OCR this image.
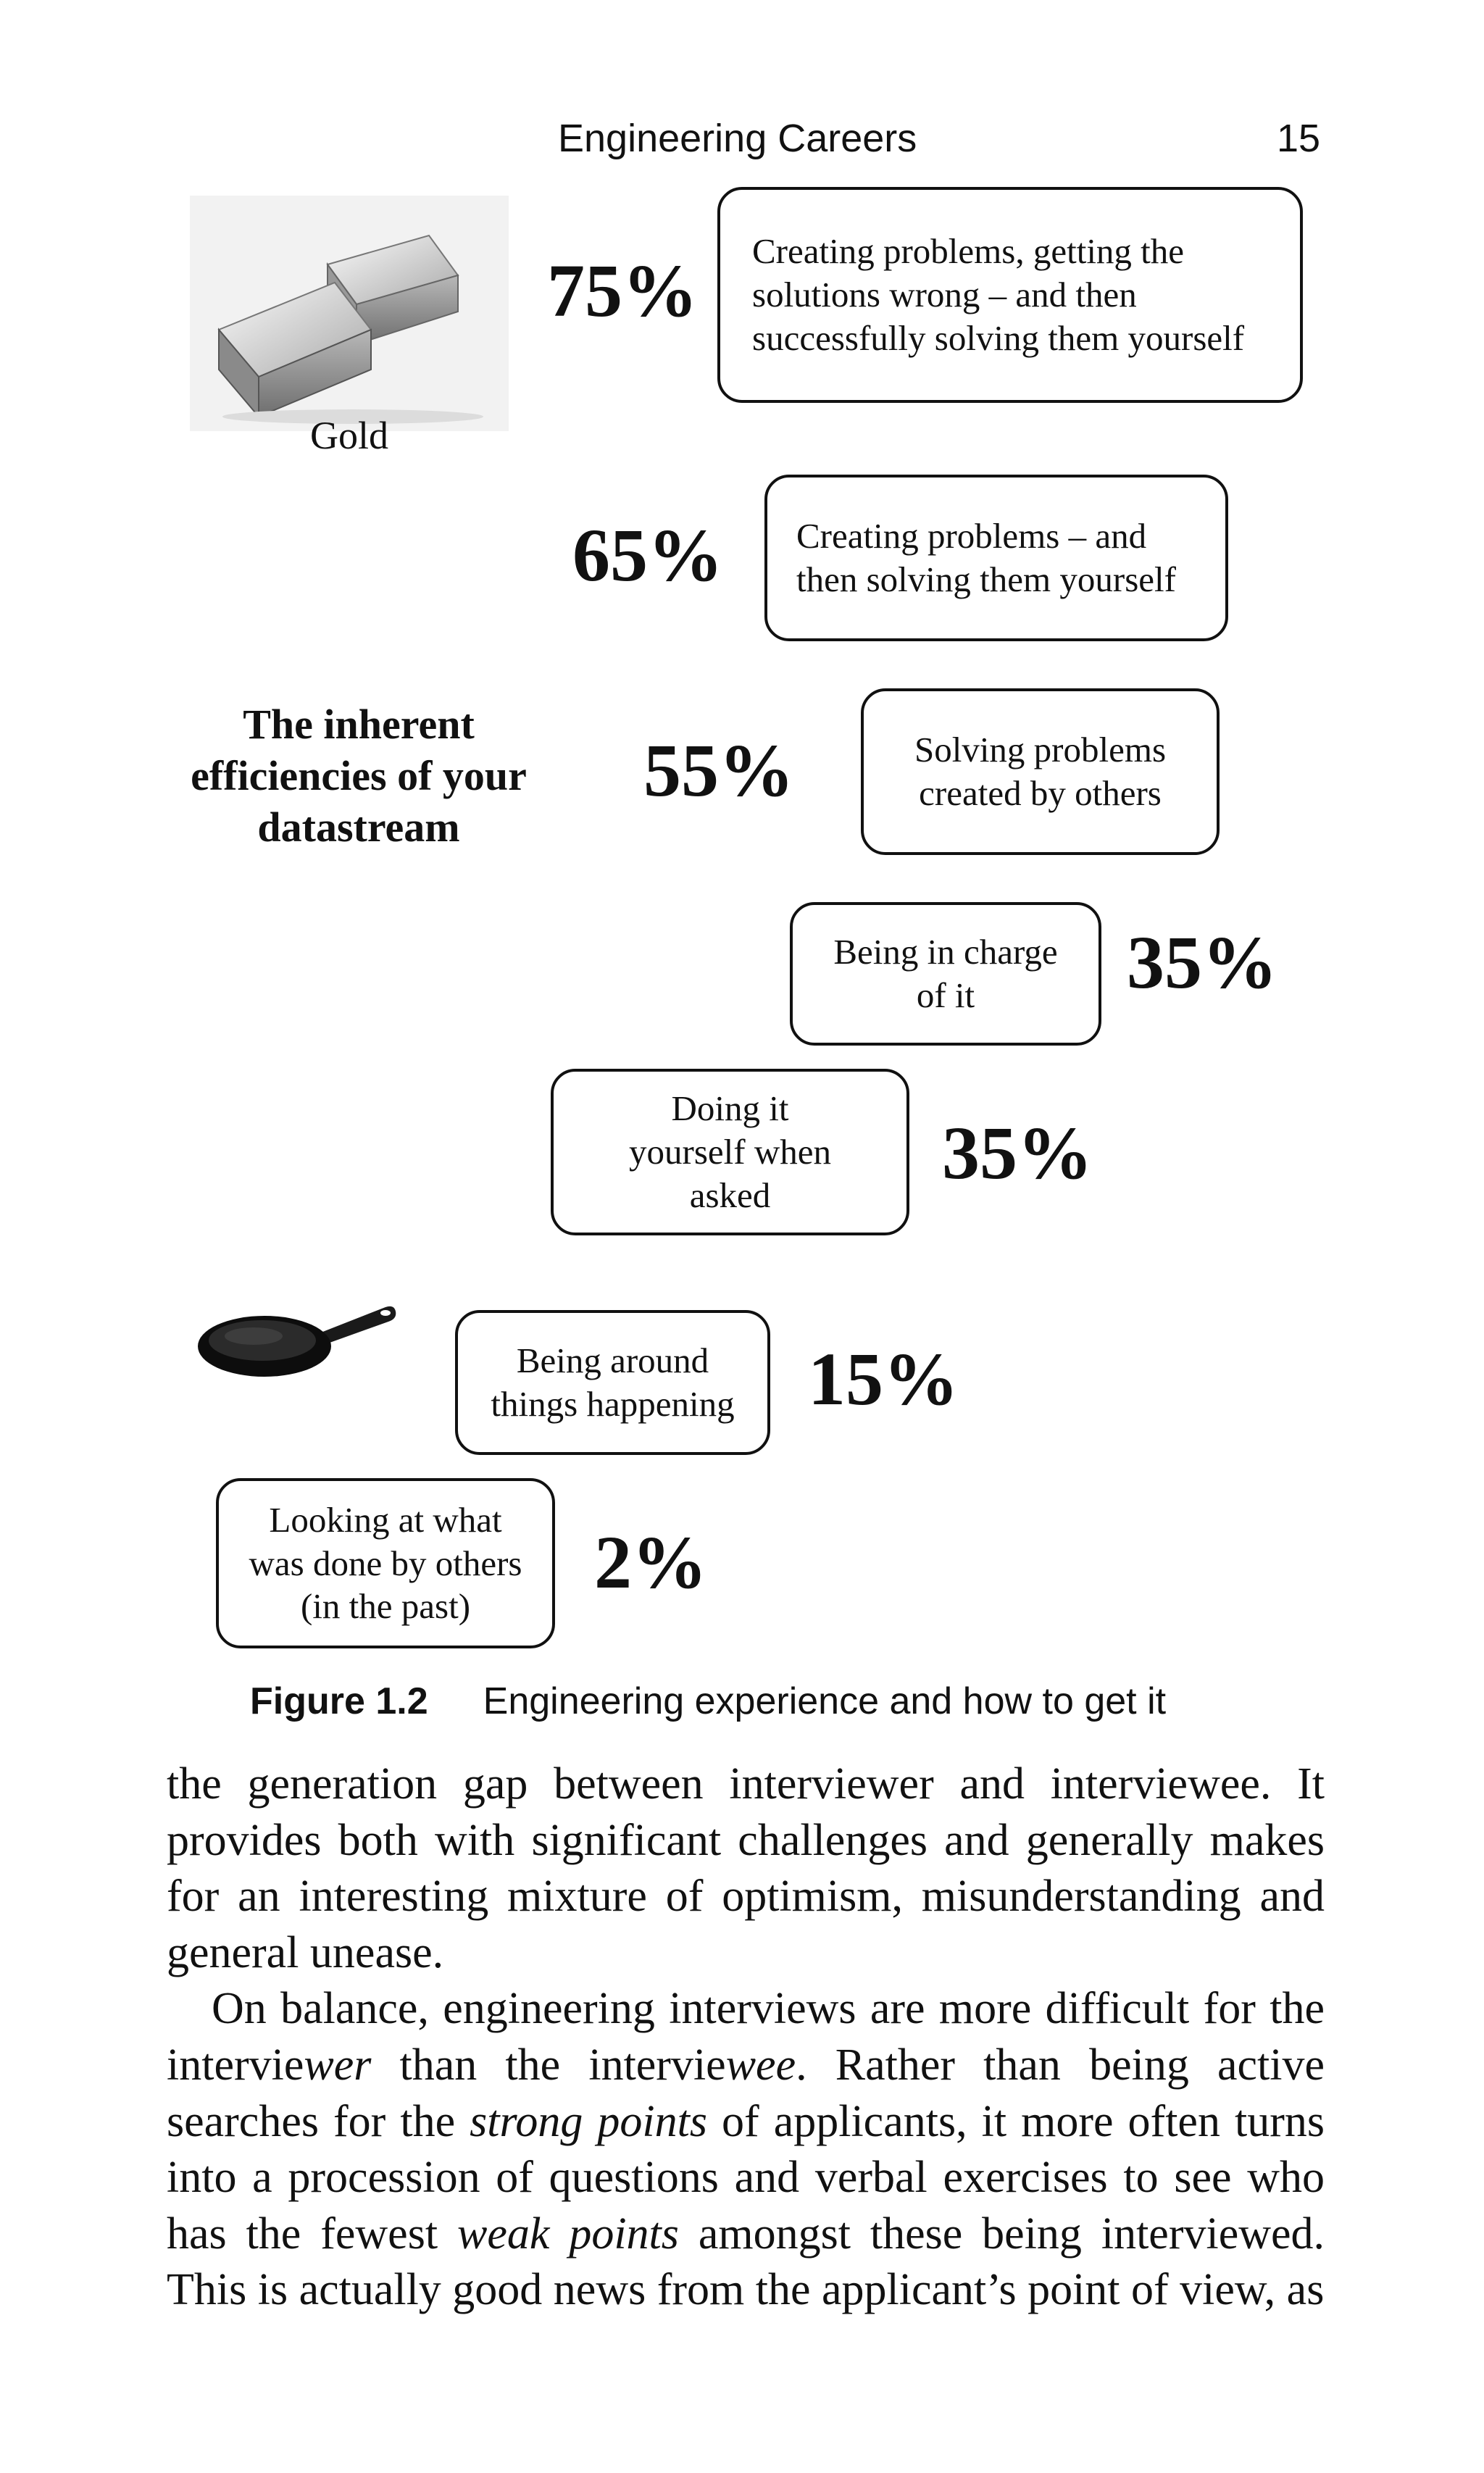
Engineering Careers	15
Gold
The inherent
efficiencies of your
datastream
75% Creating problems, getting the
solutions wrong – and then
successfully solving them yourself
65% Creating problems – and
then solving them yourself
55%	Solving problems
created by others
Being in charge
of it	35%
Doing it
yourself when
asked
35%
Being around
things happening 15%
Looking at what
was done by others
(in the past)
2%
Figure 1.2 Engineering experience and how to get it

the generation gap between interviewer and interviewee. It provides both with significant challenges and generally makes for an interesting mixture of optimism, misunderstanding and general unease.

On balance, engineering interviews are more difficult for the interviewer than the interviewee. Rather than being active searches for the strong points of applicants, it more often turns into a procession of questions and verbal exercises to see who has the fewest weak points amongst these being interviewed. This is actually good news from the applicant’s point of view, as
